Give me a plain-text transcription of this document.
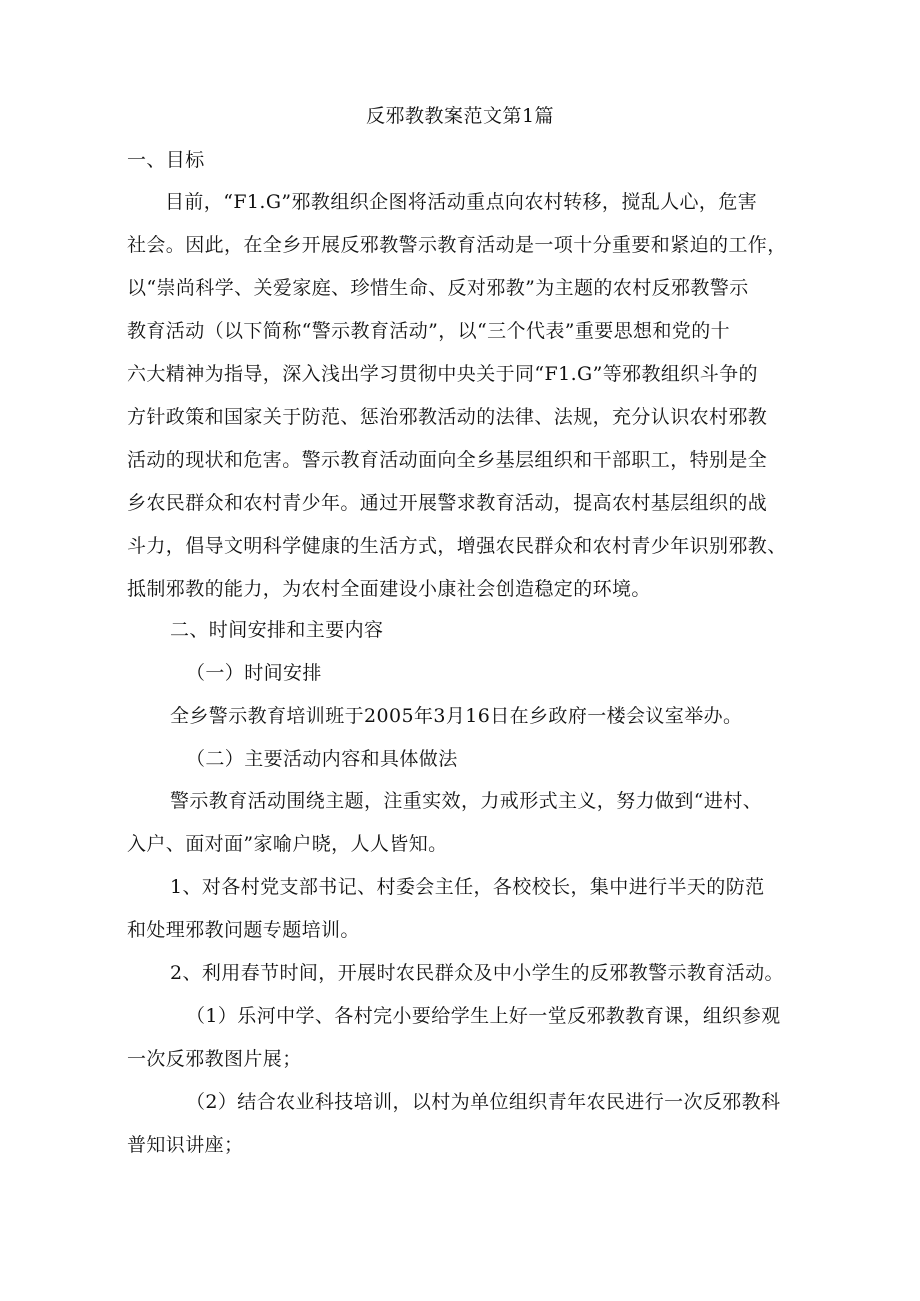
反邪教教案范文第1篇
一、目标
目前，“F1.G”邪教组织企图将活动重点向农村转移，搅乱人心，危害
社会。因此，在全乡开展反邪教警示教育活动是一项十分重要和紧迫的工作，
以“崇尚科学、关爱家庭、珍惜生命、反对邪教”为主题的农村反邪教警示
教育活动（以下简称“警示教育活动”，以“三个代表”重要思想和党的十
六大精神为指导，深入浅出学习贯彻中央关于同“F1.G”等邪教组织斗争的
方针政策和国家关于防范、惩治邪教活动的法律、法规，充分认识农村邪教
活动的现状和危害。警示教育活动面向全乡基层组织和干部职工，特别是全
乡农民群众和农村青少年。通过开展警求教育活动，提高农村基层组织的战
斗力，倡导文明科学健康的生活方式，增强农民群众和农村青少年识别邪教、
抵制邪教的能力，为农村全面建设小康社会创造稳定的环境。
二、时间安排和主要内容
（一）时间安排
全乡警示教育培训班于2005年3月16日在乡政府一楼会议室举办。
（二）主要活动内容和具体做法
警示教育活动围绕主题，注重实效，力戒形式主义，努力做到“进村、
入户、面对面”家喻户晓，人人皆知。
1、对各村党支部书记、村委会主任，各校校长，集中进行半天的防范
和处理邪教问题专题培训。
2、利用春节时间，开展时农民群众及中小学生的反邪教警示教育活动。
（1）乐河中学、各村完小要给学生上好一堂反邪教教育课，组织参观
一次反邪教图片展；
（2）结合农业科技培训，以村为单位组织青年农民进行一次反邪教科
普知识讲座；
